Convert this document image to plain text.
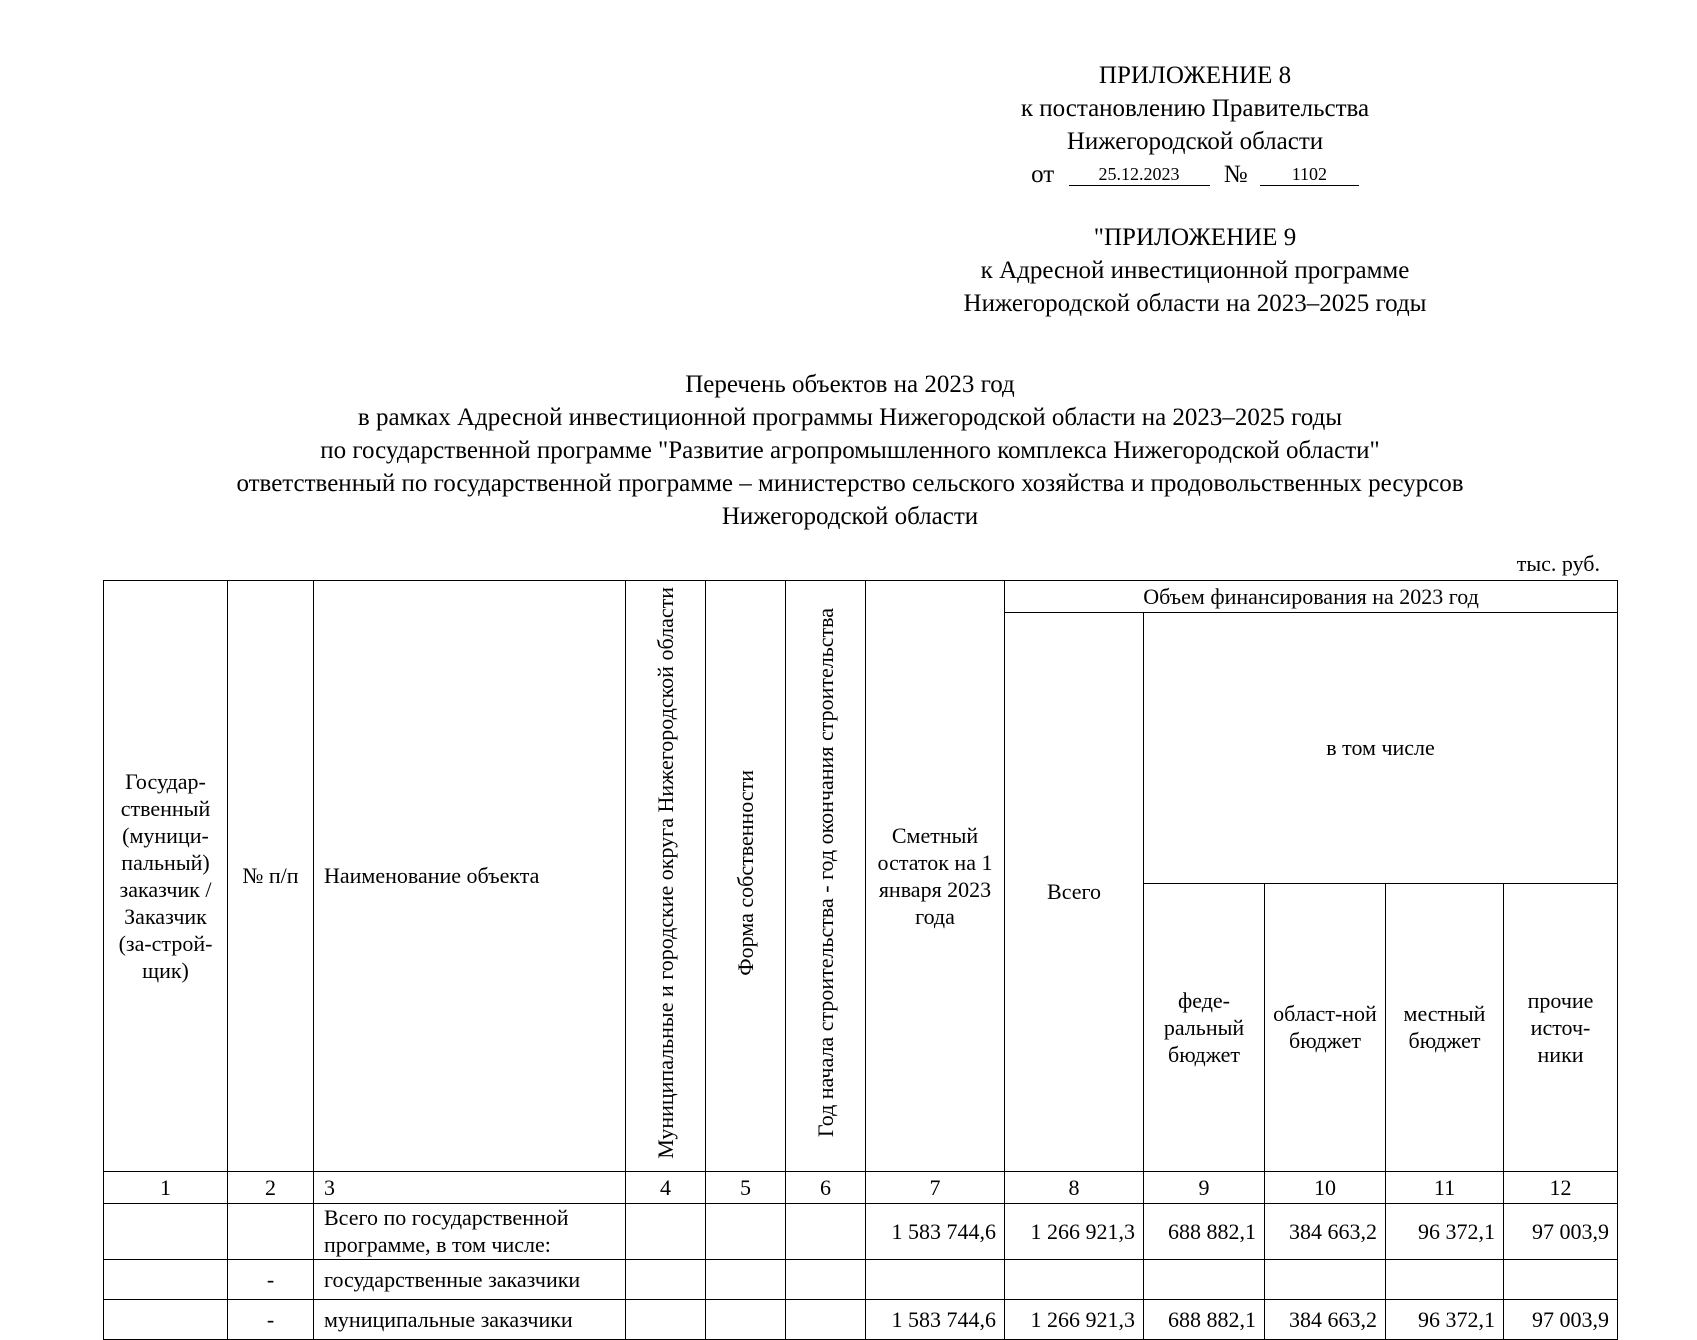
ПРИЛОЖЕНИЕ 8
к постановлению Правительства
Нижегородской области
от 25.12.2023 № 1102
"ПРИЛОЖЕНИЕ 9
к Адресной инвестиционной программе
Нижегородской области на 2023–2025 годы
Перечень объектов на 2023 год
в рамках Адресной инвестиционной программы Нижегородской области на 2023–2025 годы
по государственной программе "Развитие агропромышленного комплекса Нижегородской области"
ответственный по государственной программе – министерство сельского хозяйства и продовольственных ресурсов
Нижегородской области
тыс. руб.
Государ-ственный (муници-пальный) заказчик / Заказчик (за-строй-щик)	№ п/п	Наименование объекта	Муниципальные и городские округа Нижегородской области	Форма собственности	Год начала строительства - год окончания строительства	Сметный остаток на 1 января 2023 года	Объем финансирования на 2023 год				
							Всего	в том числе			
								феде-ральный бюджет	област-ной бюджет	местный бюджет	прочие источ-ники
1	2	3	4	5	6	7	8	9	10	11	12
		Всего по государственной программе, в том числе:				1 583 744,6	1 266 921,3	688 882,1	384 663,2	96 372,1	97 003,9
	-	государственные заказчики									
	-	муниципальные заказчики				1 583 744,6	1 266 921,3	688 882,1	384 663,2	96 372,1	97 003,9
